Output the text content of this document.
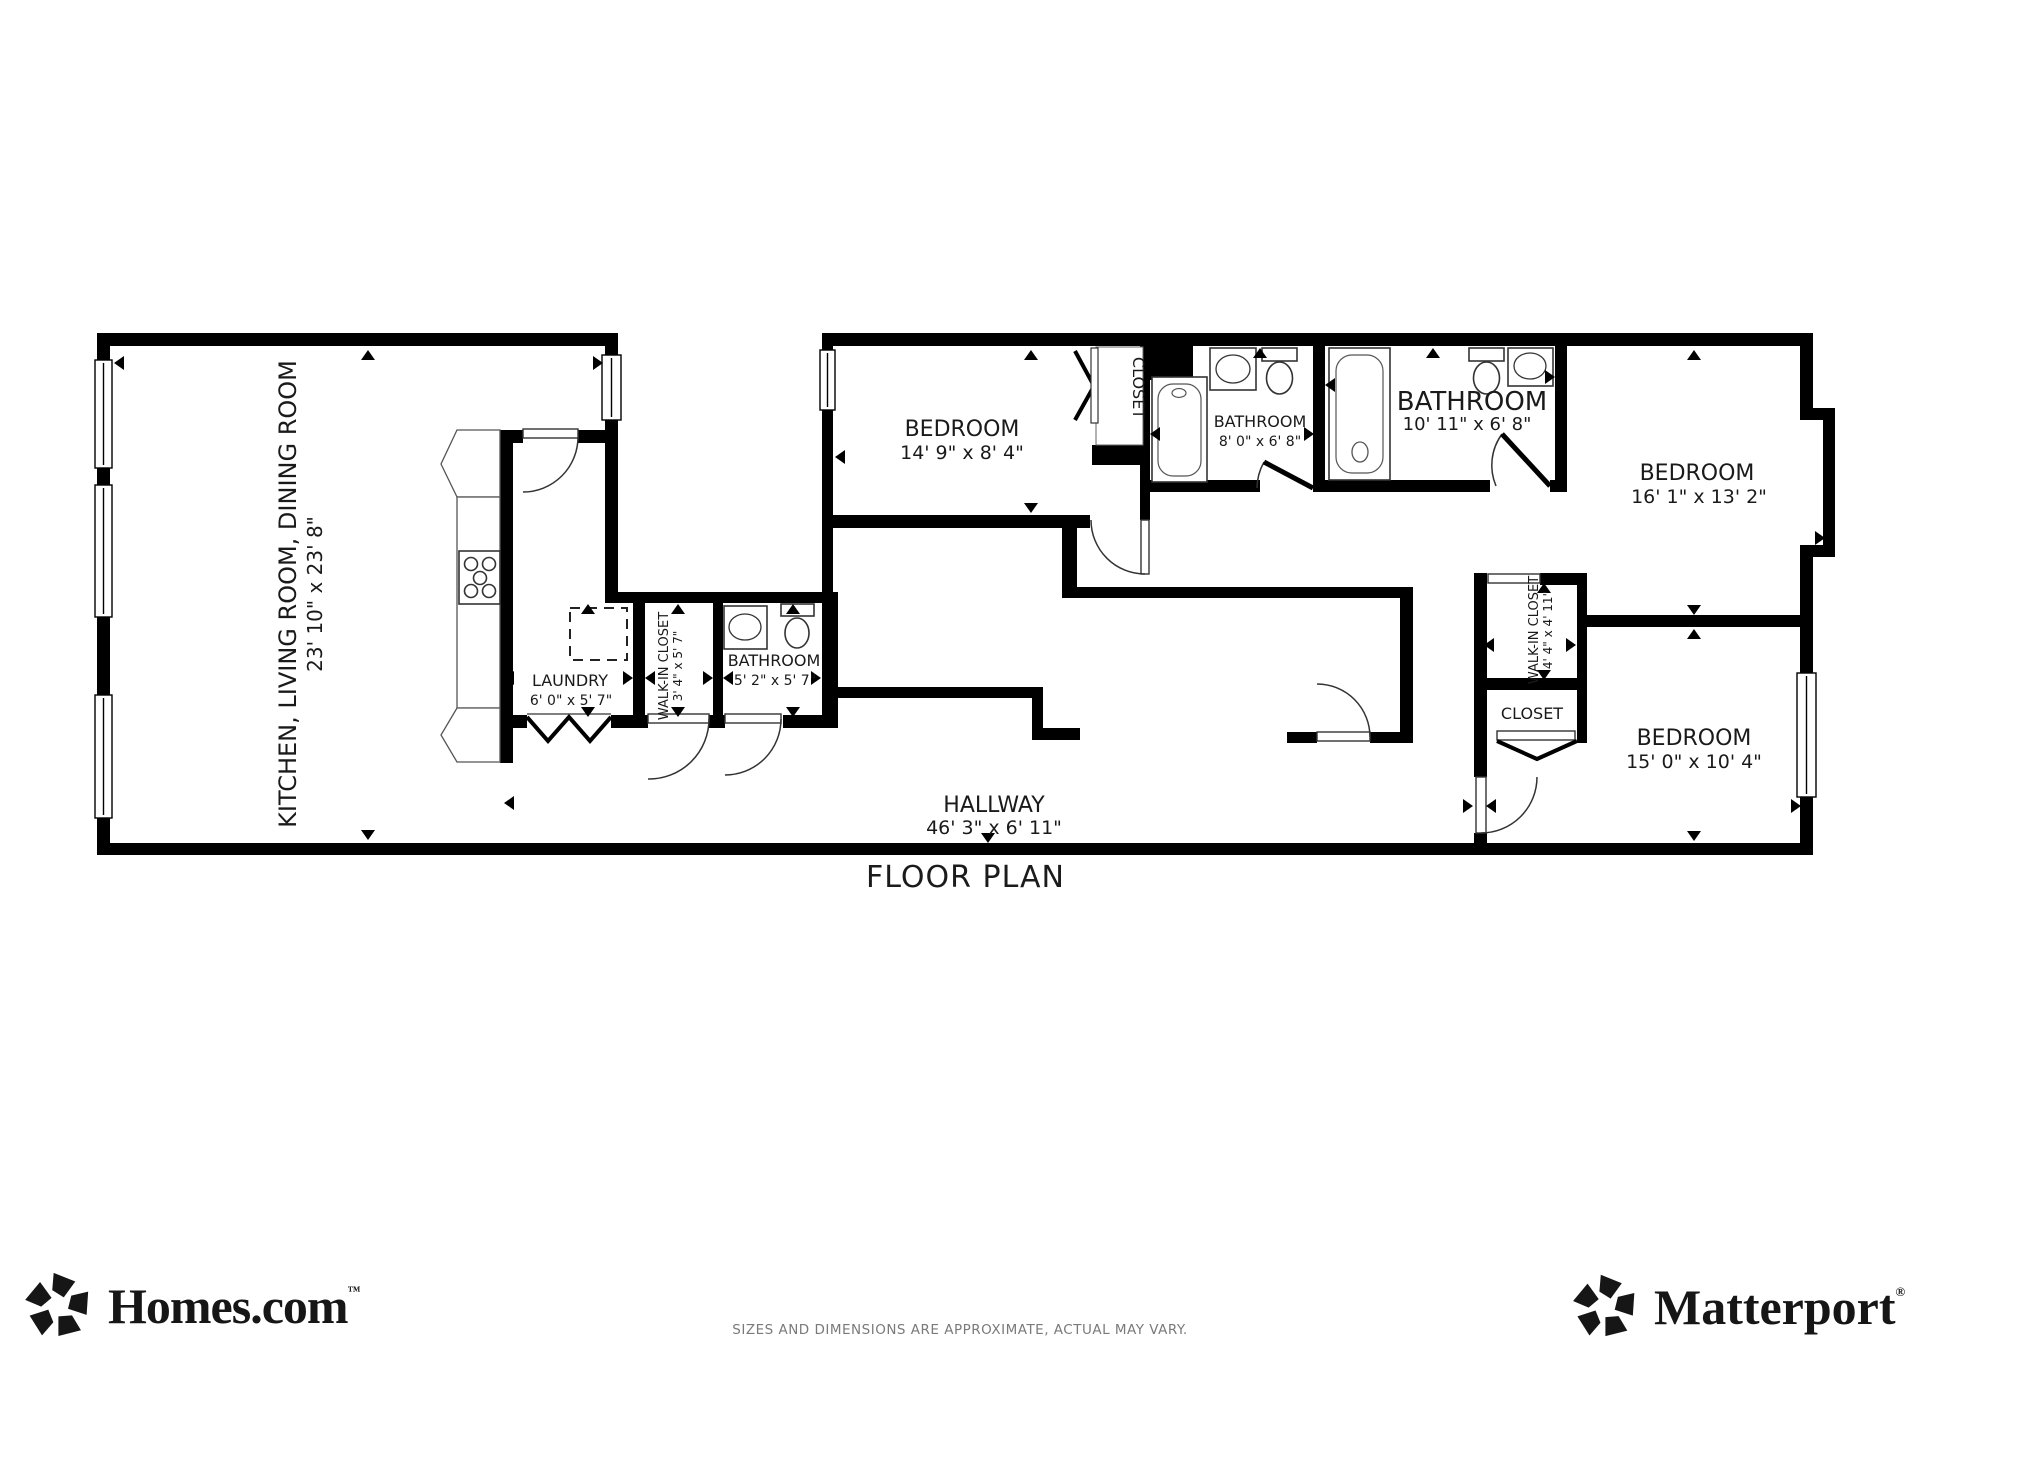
KITCHEN, LIVING ROOM, DINING ROOM 23' 10" x 23' 8"
BEDROOM
14' 9" x 8' 4"
CLOSET
BATHROOM
8' 0" x 6' 8"
BATHROOM
10' 11" x 6' 8"
BEDROOM
16' 1" x 13' 2"
LAUNDRY
6' 0" x 5' 7"	WALK-IN CLOSET 3' 4" x 5' 7"	BATHROOM
5' 2" x 5' 7"	WALK-IN CLOSET 4' 4" x 4' 11"
CLOSET
BEDROOM
15' 0" x 10' 4"
HALLWAY
46' 3" x 6' 11"
FLOOR PLAN
SIZES AND DIMENSIONS ARE APPROXIMATE, ACTUAL MAY VARY.
Homes.com™	Matterport®
